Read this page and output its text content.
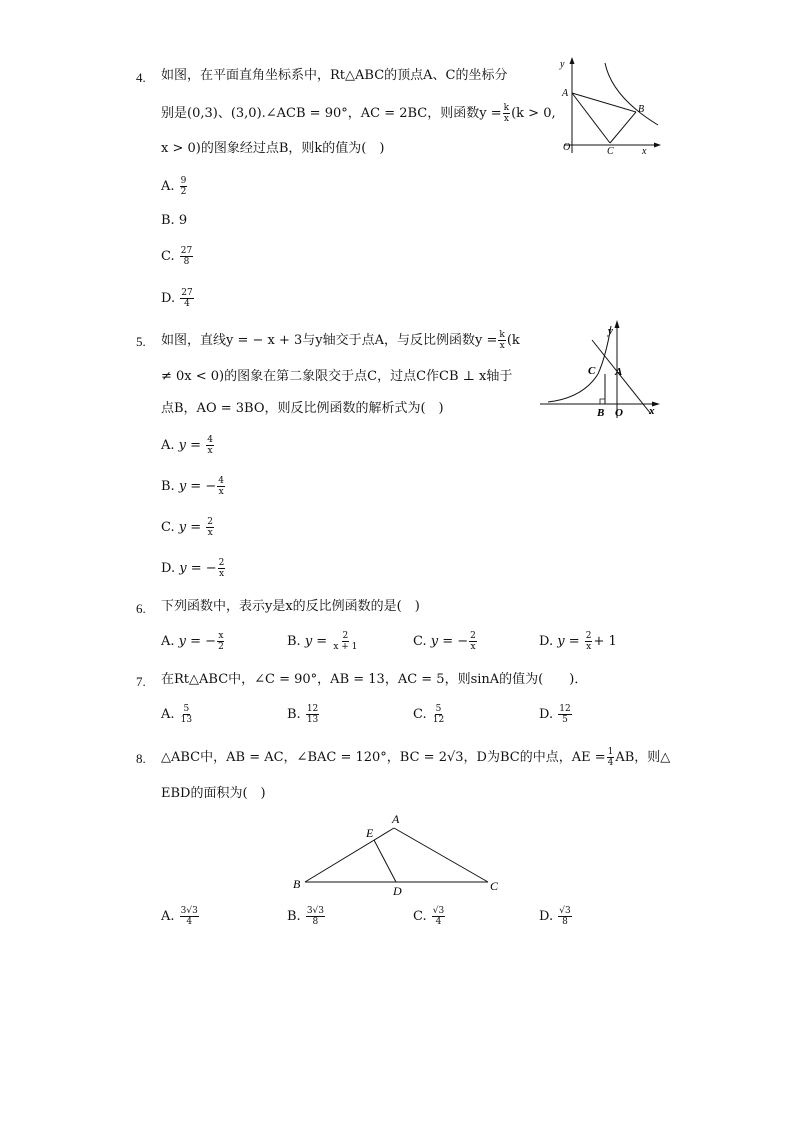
4. 如图，在平面直角坐标系中，Rt△ABC的顶点A、C的坐标分
别是(0,3)、(3,0).∠ACB = 90°，AC = 2BC，则函数$y = \frac{k}{x} (k > 0$,
x > 0)的图象经过点B，则k的值为(　)
A. $\frac{9}{2}$
B. 9
C. $\frac{27}{8}$
D. $\frac{27}{4}$
y
A
B
O	C	x
5. 如图，直线y = − x + 3与y轴交于点A，与反比例函数$y = \frac{k}{x} (k$
≠ 0x < 0)的图象在第二象限交于点C，过点C作CB ⊥ x轴于
点B，AO = 3BO，则反比例函数的解析式为(　)
A. $y = \frac{4}{x}$
B. y = − $\frac{4}{x}$
C. $y = \frac{2}{x}$
D. y = − $\frac{2}{x}$
y
C A
B O x
6. 下列函数中，表示y是x的反比例函数的是(　)
A. y = − $\frac{x}{2}$	B. $y = \frac{2}{x + 1}$	C. y = − $\frac{2}{x}$	D. $y = \frac{2}{x} + 1$
7. 在Rt△ABC中，∠C = 90°，AB = 13，AC = 5，则sinA的值为(　　)．
A. $\frac{5}{13}$	B. $\frac{12}{13}$	C. $\frac{5}{12}$	D. $\frac{12}{5}$
8. △ABC中，AB = AC，∠BAC = 120°，BC = 2√3，D为BC的中点，AE = $\frac{1}{4}$ AB，则△
EBD的面积为(　)
A
E
B	D	C
A. $\frac{3√3}{4}$	B. $\frac{3√3}{8}$	C. $\frac{√3}{4}$	D. $\frac{√3}{8}$
